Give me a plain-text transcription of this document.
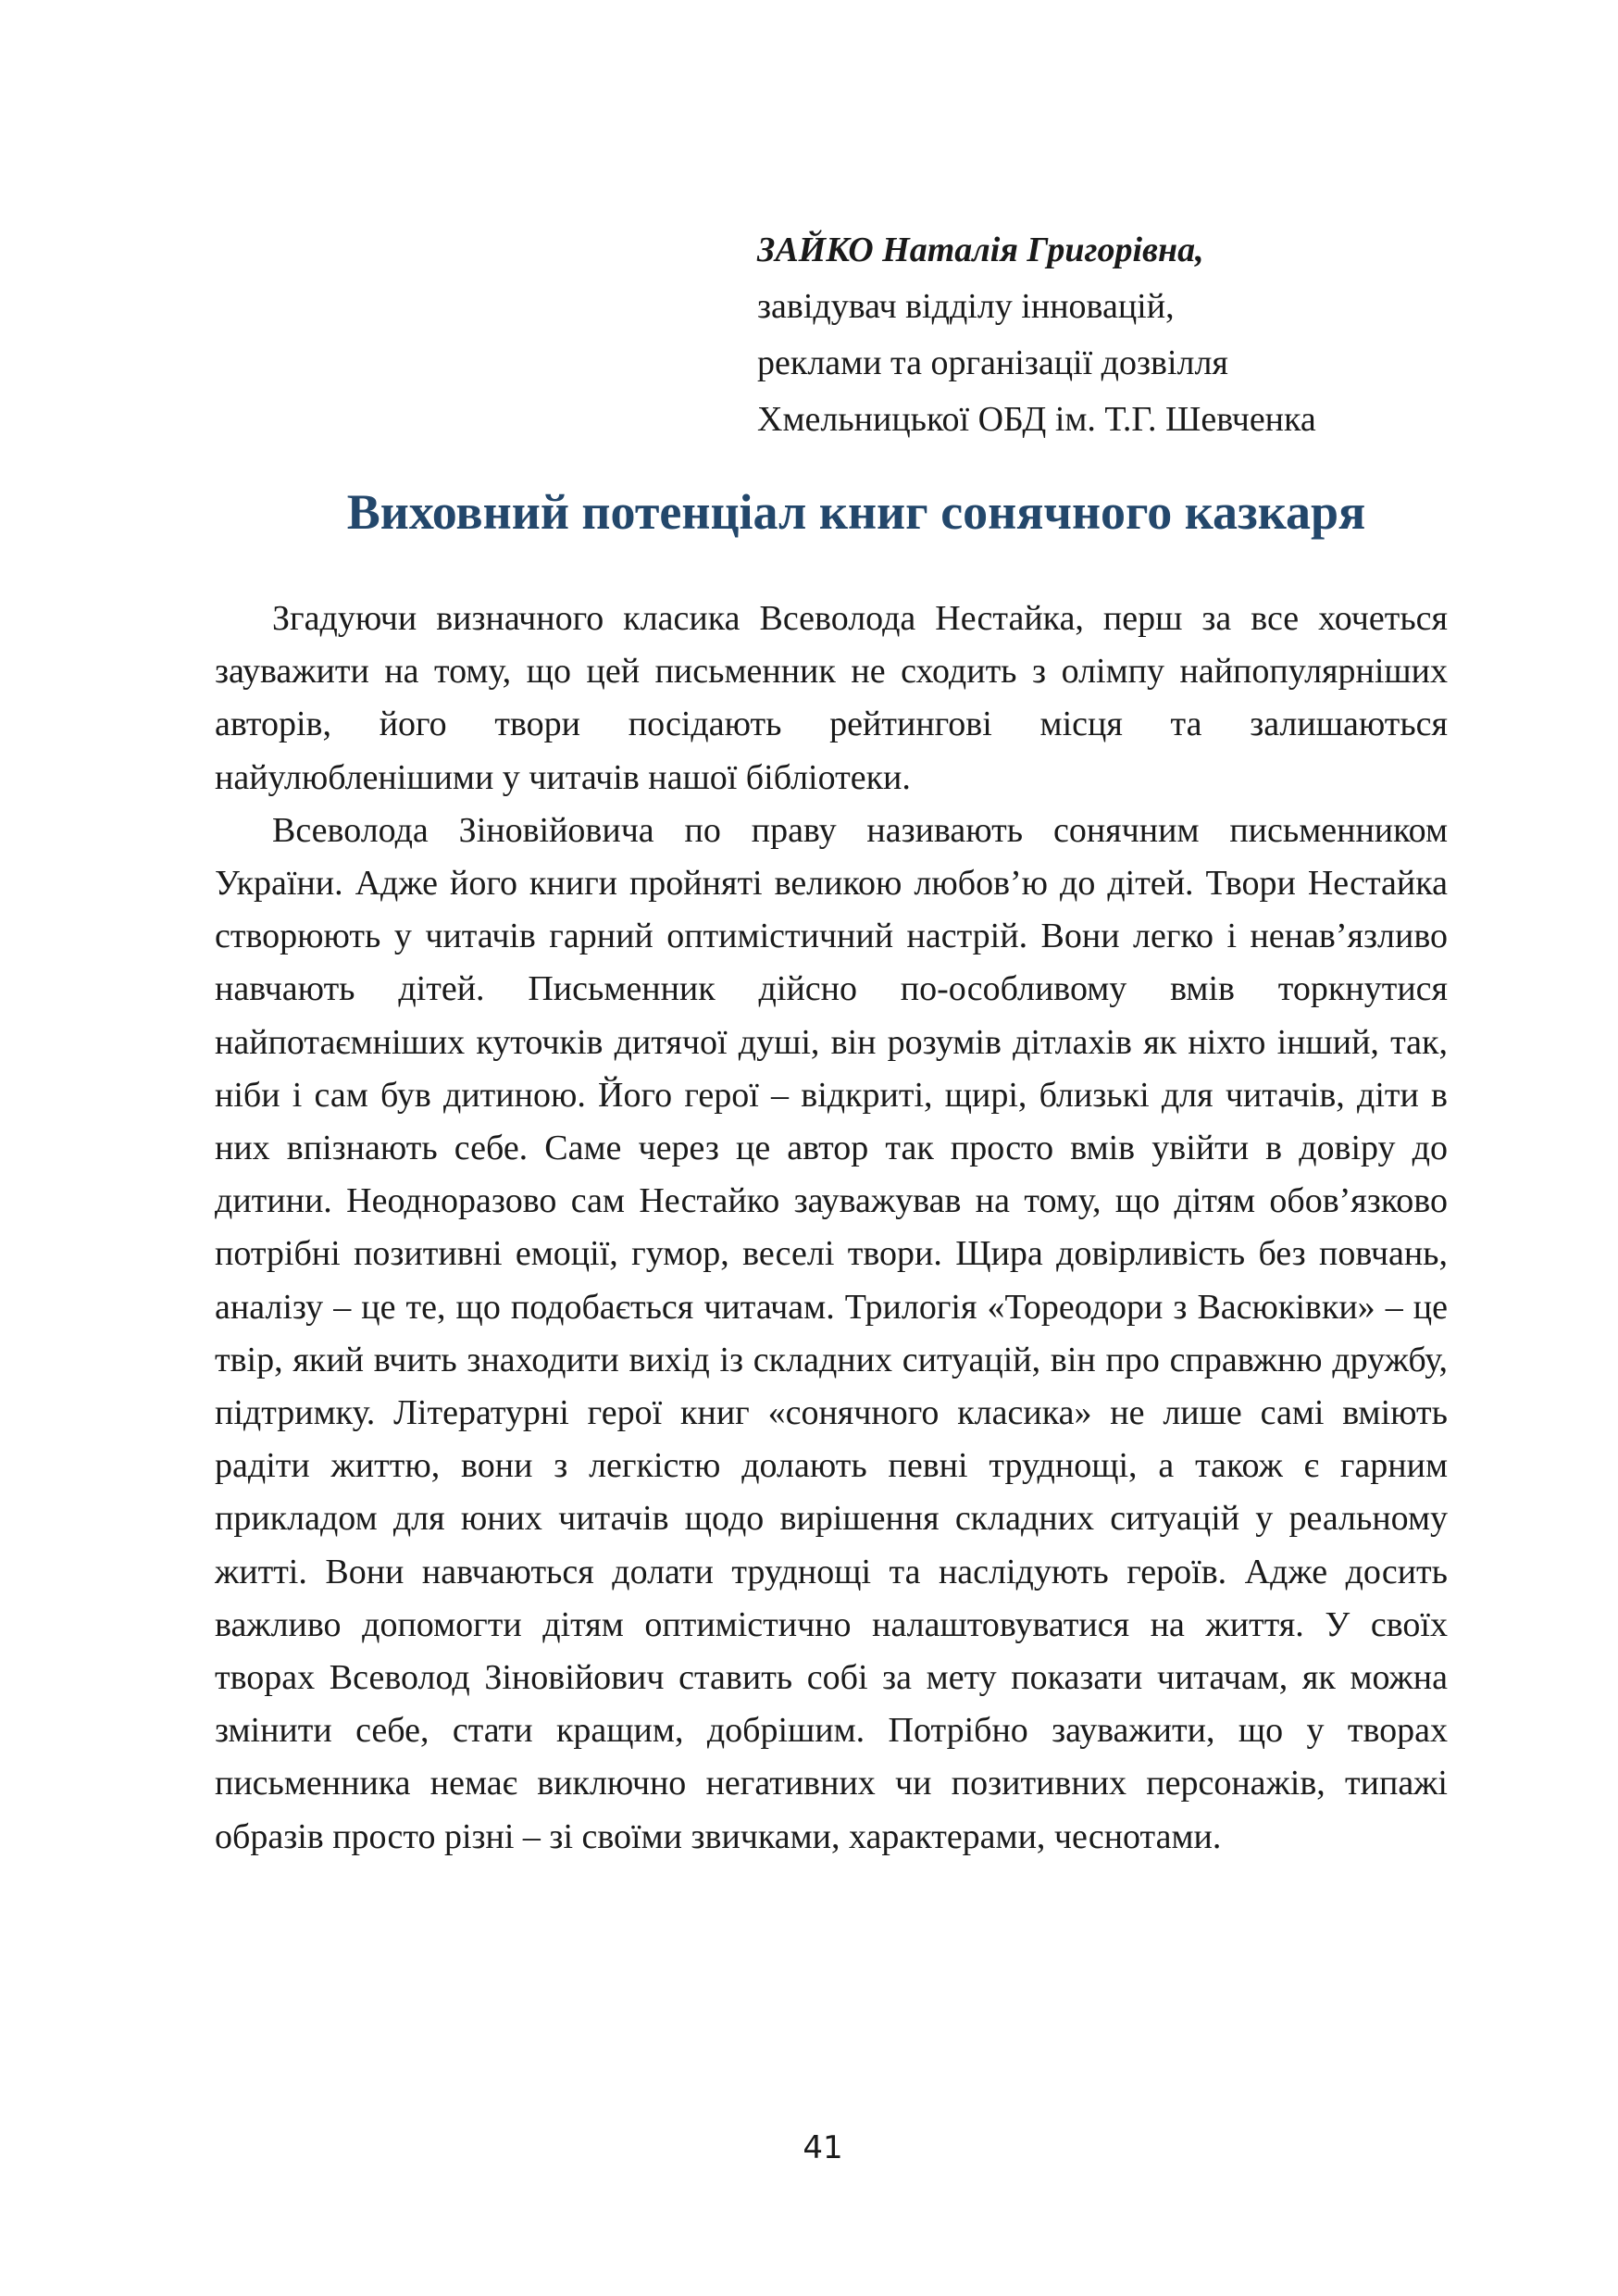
ЗАЙКО Наталія Григорівна,
завідувач відділу інновацій,
реклами та організації дозвілля
Хмельницької ОБД ім. Т.Г. Шевченка
Виховний потенціал книг сонячного казкаря

Згадуючи визначного класика Всеволода Нестайка, перш за все хочеться зауважити на тому, що цей письменник не сходить з олімпу найпопулярніших авторів, його твори посідають рейтингові місця та залишаються найулюбленішими у читачів нашої бібліотеки.

Всеволода Зіновійовича по праву називають сонячним письменником України. Адже його книги пройняті великою любов’ю до дітей. Твори Нестайка створюють у читачів гарний оптимістичний настрій. Вони легко і ненав’язливо навчають дітей. Письменник дійсно по-особливому вмів торкнутися найпотаємніших куточків дитячої душі, він розумів дітлахів як ніхто інший, так, ніби і сам був дитиною. Його герої – відкриті, щирі, близькі для читачів, діти в них впізнають себе. Саме через це автор так просто вмів увійти в довіру до дитини. Неодноразово сам Нестайко зауважував на тому, що дітям обов’язково потрібні позитивні емоції, гумор, веселі твори. Щира довірливість без повчань, аналізу – це те, що подобається читачам. Трилогія «Тореодори з Васюківки» – це твір, який вчить знаходити вихід із складних ситуацій, він про справжню дружбу, підтримку. Літературні герої книг «сонячного класика» не лише самі вміють радіти життю, вони з легкістю долають певні труднощі, а також є гарним прикладом для юних читачів щодо вирішення складних ситуацій у реальному житті. Вони навчаються долати труднощі та наслідують героїв. Адже досить важливо допомогти дітям оптимістично налаштовуватися на життя. У своїх творах Всеволод Зіновійович ставить собі за мету показати читачам, як можна змінити себе, стати кращим, добрішим. Потрібно зауважити, що у творах письменника немає виключно негативних чи позитивних персонажів, типажі образів просто різні – зі своїми звичками, характерами, чеснотами.

41
